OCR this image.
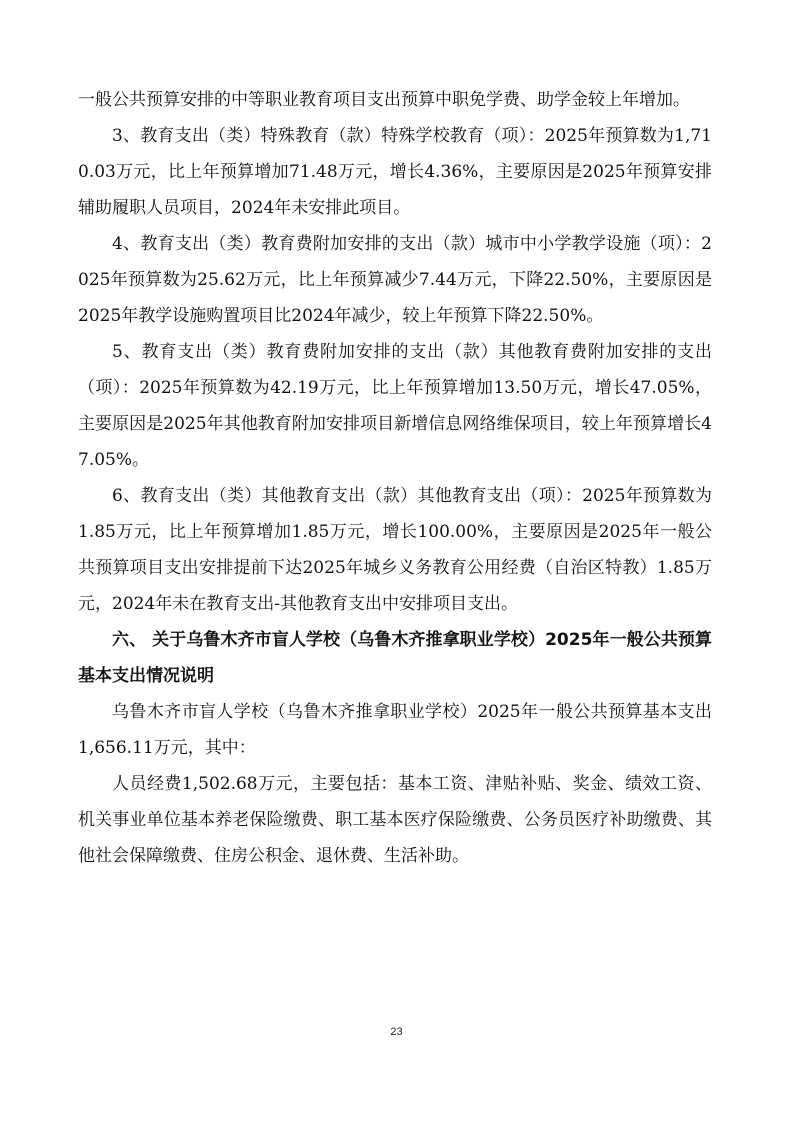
一般公共预算安排的中等职业教育项目支出预算中职免学费、助学金较上年增加。

3、教育支出（类）特殊教育（款）特殊学校教育（项）：2025年预算数为1,710.03万元，比上年预算增加71.48万元，增长4.36%，主要原因是2025年预算安排辅助履职人员项目，2024年未安排此项目。

4、教育支出（类）教育费附加安排的支出（款）城市中小学教学设施（项）：2025年预算数为25.62万元，比上年预算减少7.44万元，下降22.50%，主要原因是2025年教学设施购置项目比2024年减少，较上年预算下降22.50%。

5、教育支出（类）教育费附加安排的支出（款）其他教育费附加安排的支出（项）：2025年预算数为42.19万元，比上年预算增加13.50万元，增长47.05%，主要原因是2025年其他教育附加安排项目新增信息网络维保项目，较上年预算增长47.05%。

6、教育支出（类）其他教育支出（款）其他教育支出（项）：2025年预算数为1.85万元，比上年预算增加1.85万元，增长100.00%，主要原因是2025年一般公共预算项目支出安排提前下达2025年城乡义务教育公用经费（自治区特教）1.85万元，2024年未在教育支出-其他教育支出中安排项目支出。

六、 关于乌鲁木齐市盲人学校（乌鲁木齐推拿职业学校）2025年一般公共预算基本支出情况说明

乌鲁木齐市盲人学校（乌鲁木齐推拿职业学校）2025年一般公共预算基本支出1,656.11万元，其中：

人员经费1,502.68万元，主要包括：基本工资、津贴补贴、奖金、绩效工资、机关事业单位基本养老保险缴费、职工基本医疗保险缴费、公务员医疗补助缴费、其他社会保障缴费、住房公积金、退休费、生活补助。

23
